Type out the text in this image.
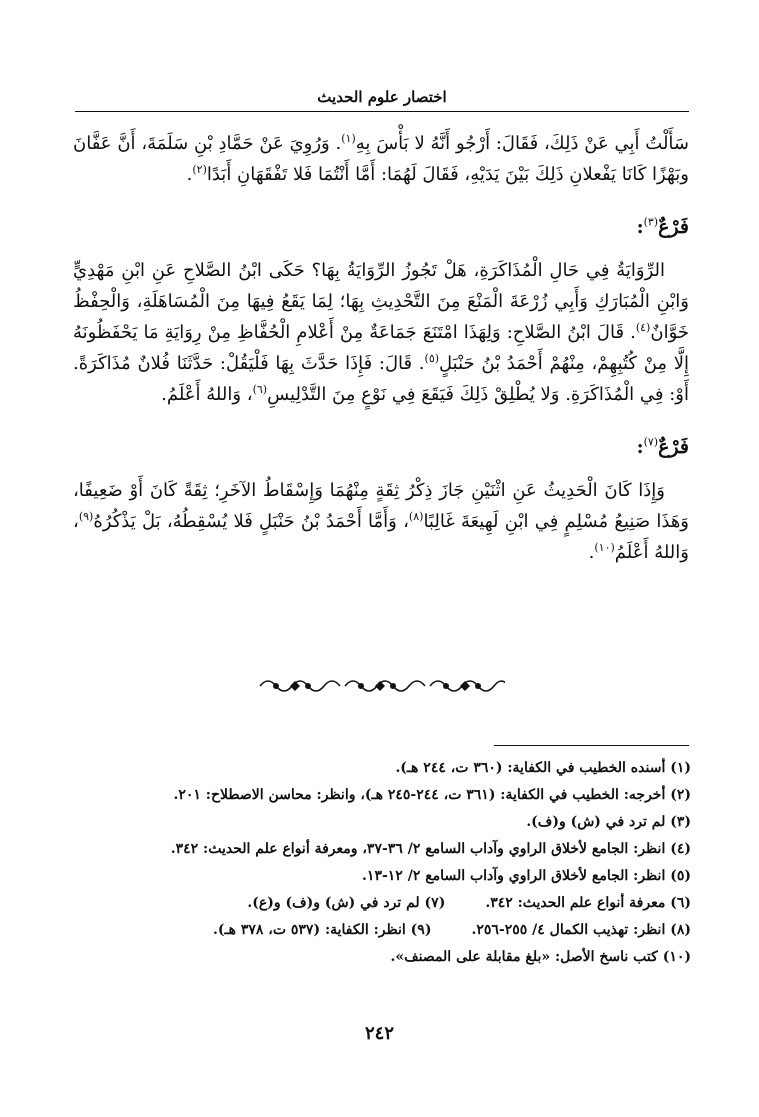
اختصار علوم الحديث

سَأَلْتُ أَبِي عَنْ ذَلِكَ، فَقَالَ: أَرْجُو أَنَّهُ لا بَأْسَ بِهِ$^{(١)}$. وَرُوِيَ عَنْ حَمَّادِ بْنِ سَلَمَةَ، أَنَّ عَفَّانَ وبَهْزًا كَانَا يَفْعلانِ ذَلِكَ بَيْنَ يَدَيْهِ، فَقَالَ لَهُمَا: أَمَّا أَنْتُمَا فَلا تَفْقَهَانِ أَبَدًا$^{(٢)}$.

فَرْعٌ$^{(٣)}$:

الرِّوَايَةُ فِي حَالِ الْمُذَاكَرَةِ، هَلْ تَجُوزُ الرِّوَايَةُ بِهَا؟ حَكَى ابْنُ الصَّلاحِ عَنِ ابْنِ مَهْدِيٍّ وَابْنِ الْمُبَارَكِ وَأَبِي زُرْعَةَ الْمَنْعَ مِنَ التَّحْدِيثِ بِهَا؛ لِمَا يَقَعُ فِيهَا مِنَ الْمُسَاهَلَةِ، وَالْحِفْظُ خَوَّانٌ$^{(٤)}$. قَالَ ابْنُ الصَّلاحِ: وَلِهَذَا امْتَنَعَ جَمَاعَةٌ مِنْ أَعْلامِ الْحُفَّاظِ مِنْ رِوَايَةِ مَا يَحْفَظُونَهُ إِلَّا مِنْ كُتُبِهِمْ، مِنْهُمْ أَحْمَدُ بْنُ حَنْبَلٍ$^{(٥)}$. قَالَ: فَإِذَا حَدَّثَ بِهَا فَلْيَقُلْ: حَدَّثَنَا فُلانٌ مُذَاكَرَةً. أَوْ: فِي الْمُذَاكَرَةِ. وَلا يُطْلِقْ ذَلِكَ فَيَقَعَ فِي نَوْعٍ مِنَ التَّدْلِيسِ$^{(٦)}$، وَاللهُ أَعْلَمُ.

فَرْعٌ$^{(٧)}$:

وَإِذَا كَانَ الْحَدِيثُ عَنِ اثْنَيْنِ جَازَ ذِكْرُ ثِقَةٍ مِنْهُمَا وَإِسْقَاطُ الآخَرِ؛ ثِقَةً كَانَ أَوْ ضَعِيفًا، وَهَذَا صَنِيعُ مُسْلِمٍ فِي ابْنِ لَهِيعَةَ غَالِبًا$^{(٨)}$، وَأَمَّا أَحْمَدُ بْنُ حَنْبَلٍ فَلا يُسْقِطُهُ، بَلْ يَذْكُرُهُ$^{(٩)}$، وَاللهُ أَعْلَمُ$^{(١٠)}$.

(١) أسنده الخطيب في الكفاية: (٣٦٠ ت، ٢٤٤ هـ).
(٢) أخرجه: الخطيب في الكفاية: (٣٦١ ت، ٢٤٤-٢٤٥ هـ)، وانظر: محاسن الاصطلاح: ٢٠١.
(٣) لم ترد في (ش) و(ف).
(٤) انظر: الجامع لأخلاق الراوي وآداب السامع ٢/ ٣٦-٣٧، ومعرفة أنواع علم الحديث: ٣٤٢.
(٥) انظر: الجامع لأخلاق الراوي وآداب السامع ٢/ ١٢-١٣.
(٦) معرفة أنواع علم الحديث: ٣٤٢.
(٧) لم ترد في (ش) و(ف) و(ع).
(٨) انظر: تهذيب الكمال ٤/ ٢٥٥-٢٥٦.
(٩) انظر: الكفاية: (٥٣٧ ت، ٣٧٨ هـ).
(١٠) كتب ناسخ الأصل: «بلغ مقابلة على المصنف».
٢٤٢
